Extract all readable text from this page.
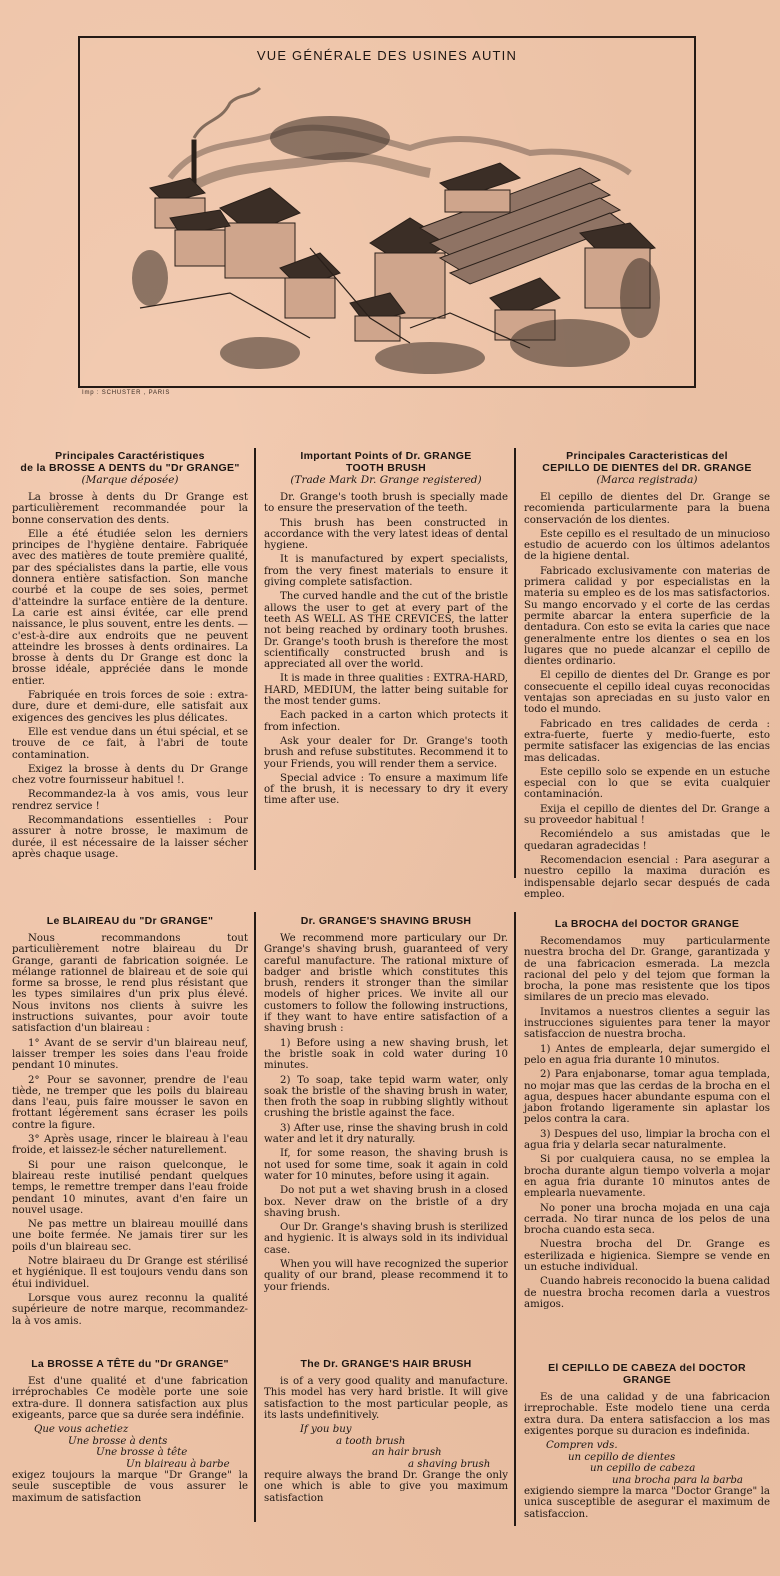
VUE GÉNÉRALE DES USINES AUTIN
Imp : SCHUSTER , PARIS
Principales Caractéristiques
de la BROSSE A DENTS du "Dr GRANGE"
(Marque déposée)

La brosse à dents du Dr Grange est particulièrement recommandée pour la bonne conservation des dents.

Elle a été étudiée selon les derniers principes de l'hygiène dentaire. Fabriquée avec des matières de toute première qualité, par des spécialistes dans la partie, elle vous donnera entière satisfaction. Son manche courbé et la coupe de ses soies, permet d'atteindre la surface entière de la denture. La carie est ainsi évitée, car elle prend naissance, le plus souvent, entre les dents. — c'est-à-dire aux endroits que ne peuvent atteindre les brosses à dents ordinaires. La brosse à dents du Dr Grange est donc la brosse idéale, appréciée dans le monde entier.

Fabriquée en trois forces de soie : extra-dure, dure et demi-dure, elle satisfait aux exigences des gencives les plus délicates.

Elle est vendue dans un étui spécial, et se trouve de ce fait, à l'abri de toute contamination.

Exigez la brosse à dents du Dr Grange chez votre fournisseur habituel !.

Recommandez-la à vos amis, vous leur rendrez service !

Recommandations essentielles : Pour assurer à notre brosse, le maximum de durée, il est nécessaire de la laisser sécher après chaque usage.

Le BLAIREAU du "Dr GRANGE"

Nous recommandons tout particulièrement notre blaireau du Dr Grange, garanti de fabrication soignée. Le mélange rationnel de blaireau et de soie qui forme sa brosse, le rend plus résistant que les types similaires d'un prix plus élevé. Nous invitons nos clients à suivre les instructions suivantes, pour avoir toute satisfaction d'un blaireau :

1° Avant de se servir d'un blaireau neuf, laisser tremper les soies dans l'eau froide pendant 10 minutes.

2° Pour se savonner, prendre de l'eau tiède, ne tremper que les poils du blaireau dans l'eau, puis faire mousser le savon en frottant légèrement sans écraser les poils contre la figure.

3° Après usage, rincer le blaireau à l'eau froide, et laissez-le sécher naturellement.

Si pour une raison quelconque, le blaireau reste inutilisé pendant quelques temps, le remettre tremper dans l'eau froide pendant 10 minutes, avant d'en faire un nouvel usage.

Ne pas mettre un blaireau mouillé dans une boite fermée. Ne jamais tirer sur les poils d'un blaireau sec.

Notre blairaeu du Dr Grange est stérilisé et hygiénique. Il est toujours vendu dans son étui individuel.

Lorsque vous aurez reconnu la qualité supérieure de notre marque, recommandez-la à vos amis.

La BROSSE A TÊTE du "Dr GRANGE"

Est d'une qualité et d'une fabrication irréprochables Ce modèle porte une soie extra-dure. Il donnera satisfaction aux plus exigeants, parce que sa durée sera indéfinie.

Que vous achetiez
Une brosse à dents
Une brosse à tête
Un blaireau à barbe

exigez toujours la marque "Dr Grange" la seule susceptible de vous assurer le maximum de satisfaction

Important Points of Dr. GRANGE
TOOTH BRUSH
(Trade Mark Dr. Grange registered)

Dr. Grange's tooth brush is specially made to ensure the preservation of the teeth.

This brush has been constructed in accordance with the very latest ideas of dental hygiene.

It is manufactured by expert specialists, from the very finest materials to ensure it giving complete satisfaction.

The curved handle and the cut of the bristle allows the user to get at every part of the teeth AS WELL AS THE CREVICES, the latter not being reached by ordinary tooth brushes. Dr. Grange's tooth brush is therefore the most scientifically constructed brush and is appreciated all over the world.

It is made in three qualities : EXTRA-HARD, HARD, MEDIUM, the latter being suitable for the most tender gums.

Each packed in a carton which protects it from infection.

Ask your dealer for Dr. Grange's tooth brush and refuse substitutes. Recommend it to your Friends, you will render them a service.

Special advice : To ensure a maximum life of the brush, it is necessary to dry it every time after use.

Dr. GRANGE'S SHAVING BRUSH

We recommend more particulary our Dr. Grange's shaving brush, guaranteed of very careful manufacture. The rational mixture of badger and bristle which constitutes this brush, renders it stronger than the similar models of higher prices. We invite all our customers to follow the following instructions, if they want to have entire satisfaction of a shaving brush :

1) Before using a new shaving brush, let the bristle soak in cold water during 10 minutes.

2) To soap, take tepid warm water, only soak the bristle of the shaving brush in water, then froth the soap in rubbing slightly without crushing the bristle against the face.

3) After use, rinse the shaving brush in cold water and let it dry naturally.

If, for some reason, the shaving brush is not used for some time, soak it again in cold water for 10 minutes, before using it again.

Do not put a wet shaving brush in a closed box. Never draw on the bristle of a dry shaving brush.

Our Dr. Grange's shaving brush is sterilized and hygienic. It is always sold in its individual case.

When you will have recognized the superior quality of our brand, please recommend it to your friends.

The Dr. GRANGE'S HAIR BRUSH

is of a very good quality and manufacture. This model has very hard bristle. It will give satisfaction to the most particular people, as its lasts undefinitively.

If you buy
a tooth brush
an hair brush
a shaving brush

require always the brand Dr. Grange the only one which is able to give you maximum satisfaction

Principales Caracteristicas del
CEPILLO DE DIENTES del DR. GRANGE
(Marca registrada)

El cepillo de dientes del Dr. Grange se recomienda particularmente para la buena conservación de los dientes.

Este cepillo es el resultado de un minucioso estudio de acuerdo con los últimos adelantos de la higiene dental.

Fabricado exclusivamente con materias de primera calidad y por especialistas en la materia su empleo es de los mas satisfactorios. Su mango encorvado y el corte de las cerdas permite abarcar la entera superficie de la dentadura. Con esto se evita la caries que nace generalmente entre los dientes o sea en los lugares que no puede alcanzar el cepillo de dientes ordinario.

El cepillo de dientes del Dr. Grange es por consecuente el cepillo ideal cuyas reconocidas ventajas son apreciadas en su justo valor en todo el mundo.

Fabricado en tres calidades de cerda : extra-fuerte, fuerte y medio-fuerte, esto permite satisfacer las exigencias de las encias mas delicadas.

Este cepillo solo se expende en un estuche especial con lo que se evita cualquier contaminación.

Exija el cepillo de dientes del Dr. Grange a su proveedor habitual !

Recomiéndelo a sus amistadas que le quedaran agradecidas !

Recomendacion esencial : Para asegurar a nuestro cepillo la maxima duración es indispensable dejarlo secar después de cada empleo.

La BROCHA del DOCTOR GRANGE

Recomendamos muy particularmente nuestra brocha del Dr. Grange, garantizada y de una fabricacion esmerada. La mezcla racional del pelo y del tejom que forman la brocha, la pone mas resistente que los tipos similares de un precio mas elevado.

Invitamos a nuestros clientes a seguir las instrucciones siguientes para tener la mayor satisfaccion de nuestra brocha.

1) Antes de emplearla, dejar sumergido el pelo en agua fria durante 10 minutos.

2) Para enjabonarse, tomar agua templada, no mojar mas que las cerdas de la brocha en el agua, despues hacer abundante espuma con el jabon frotando ligeramente sin aplastar los pelos contra la cara.

3) Despues del uso, limpiar la brocha con el agua fria y delarla secar naturalmente.

Si por cualquiera causa, no se emplea la brocha durante algun tiempo volverla a mojar en agua fria durante 10 minutos antes de emplearla nuevamente.

No poner una brocha mojada en una caja cerrada. No tirar nunca de los pelos de una brocha cuando esta seca.

Nuestra brocha del Dr. Grange es esterilizada e higienica. Siempre se vende en un estuche individual.

Cuando habreis reconocido la buena calidad de nuestra brocha recomen darla a vuestros amigos.

El CEPILLO DE CABEZA del DOCTOR GRANGE

Es de una calidad y de una fabricacion irreprochable. Este modelo tiene una cerda extra dura. Da entera satisfaccion a los mas exigentes porque su duracion es indefinida.

Compren vds.
un cepillo de dientes
un cepillo de cabeza
una brocha para la barba

exigiendo siempre la marca "Doctor Grange" la unica susceptible de asegurar el maximum de satisfaccion.
